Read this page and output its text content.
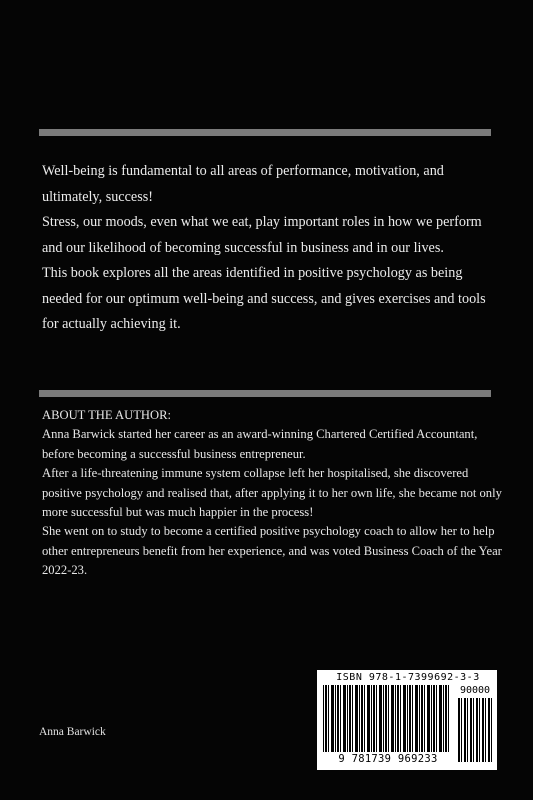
Well-being is fundamental to all areas of performance, motivation, and ultimately, success!

Stress, our moods, even what we eat, play important roles in how we perform and our likelihood of becoming successful in business and in our lives.

This book explores all the areas identified in positive psychology as being needed for our optimum well-being and success, and gives exercises and tools for actually achieving it.

ABOUT THE AUTHOR:

Anna Barwick started her career as an award-winning Chartered Certified Accountant, before becoming a successful business entrepreneur.

After a life-threatening immune system collapse left her hospitalised, she discovered positive psychology and realised that, after applying it to her own life, she became not only more successful but was much happier in the process!

She went on to study to become a certified positive psychology coach to allow her to help other entrepreneurs benefit from her experience, and was voted Business Coach of the Year 2022-23.

Anna Barwick
ISBN 978-1-7399692-3-3
90000
9 781739 969233
